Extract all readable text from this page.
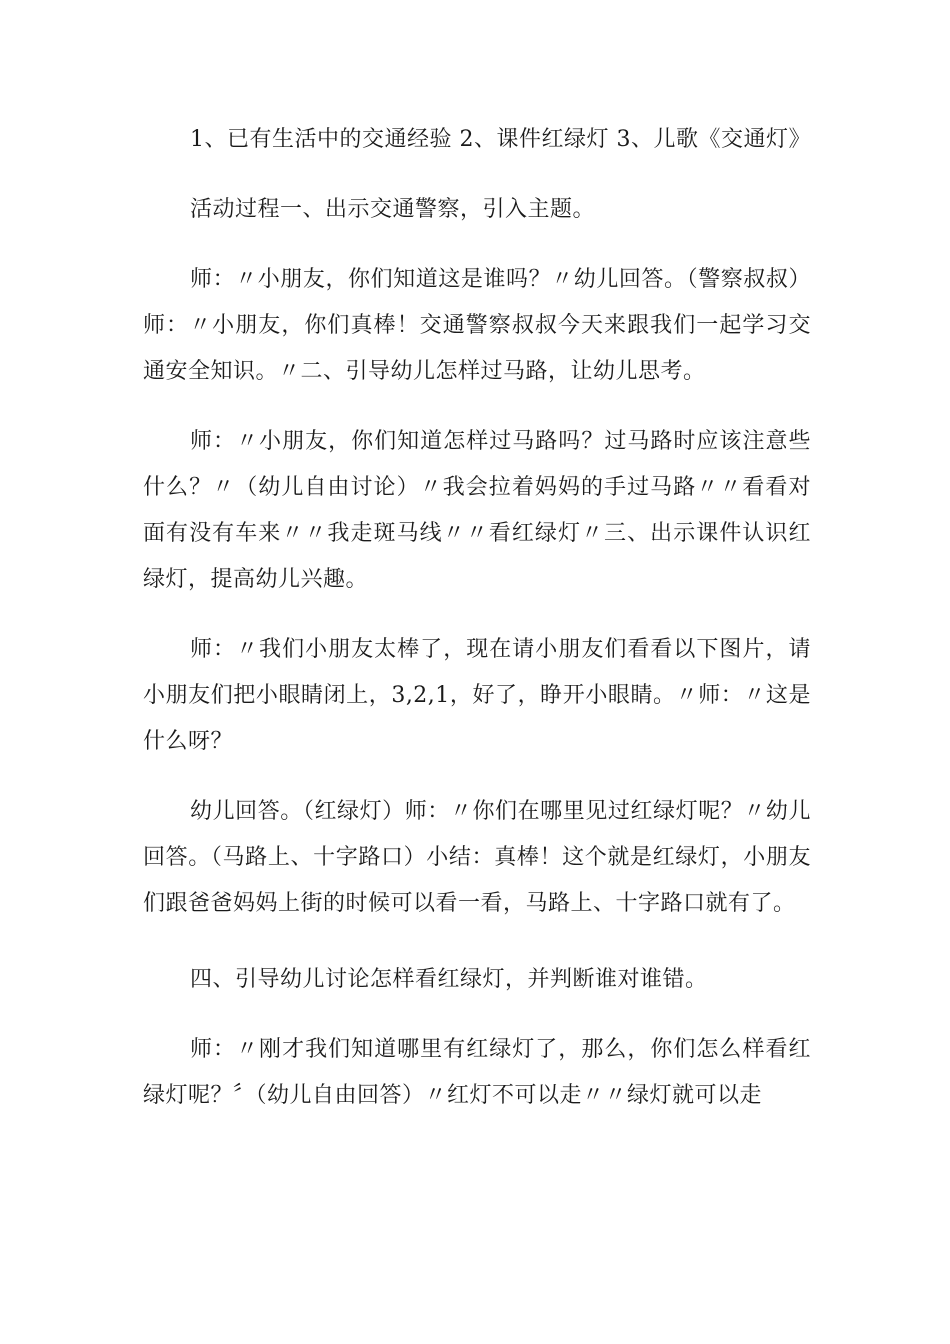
1、已有生活中的交通经验 2、课件红绿灯 3、儿歌《交通灯》

活动过程一、出示交通警察，引入主题。

师：〃小朋友，你们知道这是谁吗？〃幼儿回答。（警察叔叔）师：〃小朋友，你们真棒！交通警察叔叔今天来跟我们一起学习交通安全知识。〃二、引导幼儿怎样过马路，让幼儿思考。

师：〃小朋友，你们知道怎样过马路吗？过马路时应该注意些什么？〃（幼儿自由讨论）〃我会拉着妈妈的手过马路〃〃看看对面有没有车来〃〃我走斑马线〃〃看红绿灯〃三、出示课件认识红绿灯，提高幼儿兴趣。

师：〃我们小朋友太棒了，现在请小朋友们看看以下图片，请小朋友们把小眼睛闭上，3,2,1，好了，睁开小眼睛。〃师：〃这是什么呀？

幼儿回答。（红绿灯）师：〃你们在哪里见过红绿灯呢？〃幼儿回答。（马路上、十字路口）小结：真棒！这个就是红绿灯，小朋友们跟爸爸妈妈上街的时候可以看一看，马路上、十字路口就有了。

四、引导幼儿讨论怎样看红绿灯，并判断谁对谁错。

师：〃刚才我们知道哪里有红绿灯了，那么，你们怎么样看红绿灯呢？〞（幼儿自由回答）〃红灯不可以走〃〃绿灯就可以走
